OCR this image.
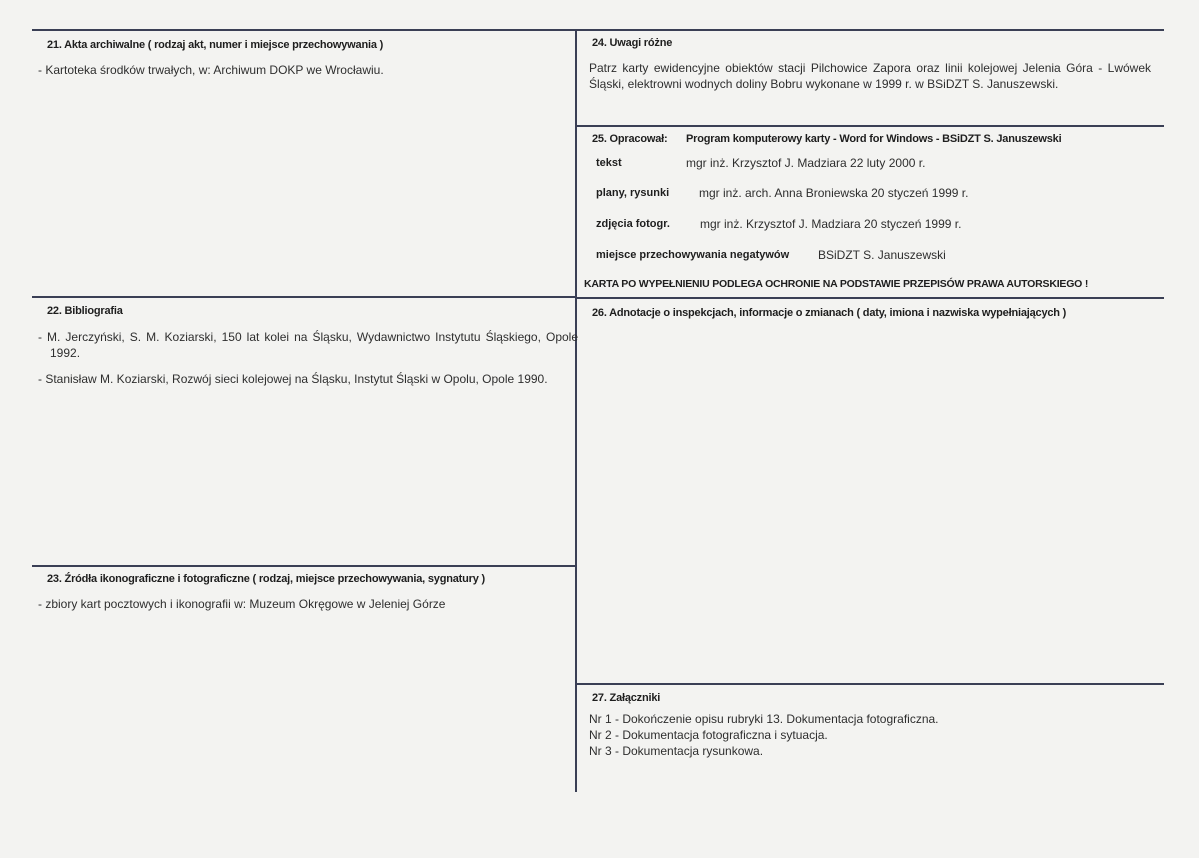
21. Akta archiwalne ( rodzaj akt, numer i miejsce przechowywania )
- Kartoteka środków trwałych, w: Archiwum DOKP we Wrocławiu.
22. Bibliografia
- M. Jerczyński, S. M. Koziarski, 150 lat kolei na Śląsku, Wydawnictwo Instytutu Śląskiego, Opole 1992.
- Stanisław M. Koziarski, Rozwój sieci kolejowej na Śląsku, Instytut Śląski w Opolu, Opole 1990.
23. Źródła ikonograficzne i fotograficzne ( rodzaj, miejsce przechowywania, sygnatury )
- zbiory kart pocztowych i ikonografii w: Muzeum Okręgowe w Jeleniej Górze
24. Uwagi różne
Patrz karty ewidencyjne obiektów stacji Pilchowice Zapora oraz linii kolejowej Jelenia Góra - Lwówek Śląski, elektrowni wodnych doliny Bobru wykonane w 1999 r. w BSiDZT S. Januszewski.
25. Opracował: Program komputerowy karty - Word for Windows - BSiDZT S. Januszewski
tekst	mgr inż. Krzysztof J. Madziara 22 luty 2000 r.
plany, rysunki mgr inż. arch. Anna Broniewska 20 styczeń 1999 r.
zdjęcia fotogr.	mgr inż. Krzysztof J. Madziara 20 styczeń 1999 r.
miejsce przechowywania negatywów BSiDZT S. Januszewski
KARTA PO WYPEŁNIENIU PODLEGA OCHRONIE NA PODSTAWIE PRZEPISÓW PRAWA AUTORSKIEGO !
26. Adnotacje o inspekcjach, informacje o zmianach ( daty, imiona i nazwiska wypełniających )
27. Załączniki
Nr 1 - Dokończenie opisu rubryki 13. Dokumentacja fotograficzna.
Nr 2 - Dokumentacja fotograficzna i sytuacja.
Nr 3 - Dokumentacja rysunkowa.
